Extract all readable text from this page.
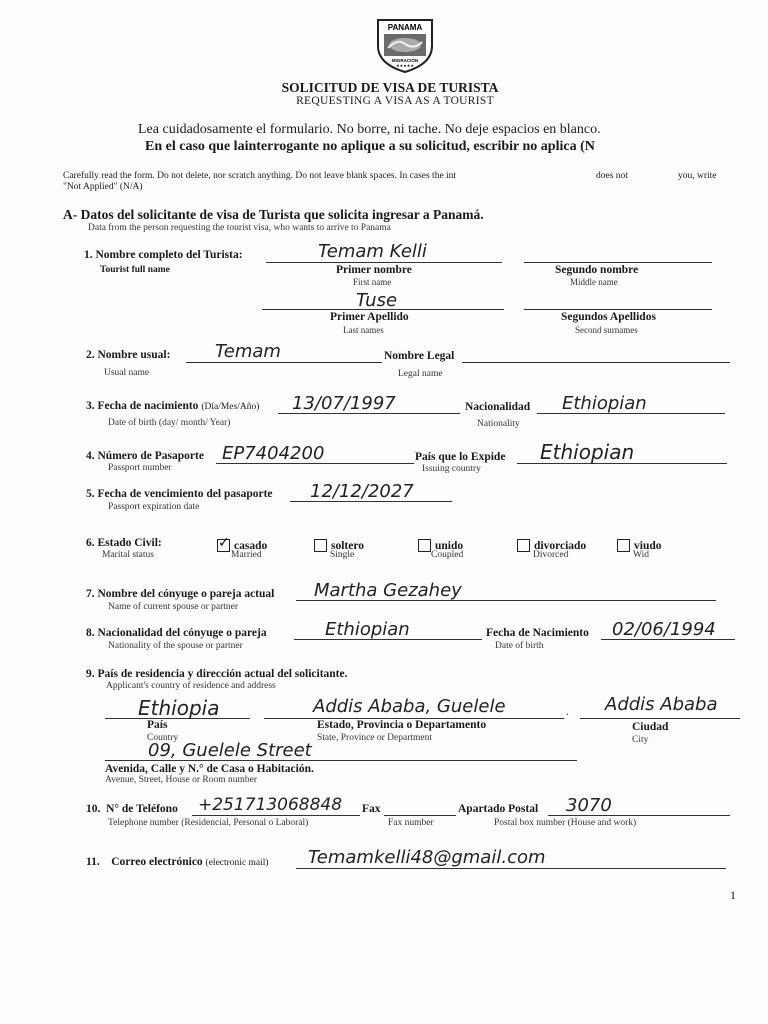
PANAMA
MIGRACIÓN
★★★★★
SOLICITUD DE VISA DE TURISTA
REQUESTING A VISA AS A TOURIST
Lea cuidadosamente el formulario. No borre, ni tache. No deje espacios en blanco.
En el caso que lainterrogante no aplique a su solicitud, escribir no aplica (N
Carefully read the form. Do not delete, nor scratch anything. Do not leave blank spaces. In cases the int	does not	you, write
"Not Applied" (N/A)
A- Datos del solicitante de visa de Turista que solicita ingresar a Panamá.
Data from the person requesting the tourist visa, who wants to arrive to Panama
1. Nombre completo del Turista:
Tourist full name
Temam Kelli
Primer nombre
First name
Segundo nombre
Middle name
Tuse
Primer Apellido
Last names
Segundos Apellidos
Second surnames
2. Nombre usual: Temam	Nombre Legal
Usual name	Legal name
3. Fecha de nacimiento (Día/Mes/Año) 13/07/1997	Nacionalidad Ethiopian
Date of birth (day/ month/ Year)	Nationality
4. Número de Pasaporte EP7404200	País que lo Expide Ethiopian
Passport number	Issuing country
5. Fecha de vencimiento del pasaporte 12/12/2027
Passport expiration date
6. Estado Civil:
Marital status
✓ casado
Married
soltero
Single
unido
Coupled
divorciado
Divorced
viudo
Wid
7. Nombre del cónyuge o pareja actual Martha Gezahey
Name of current spouse or partner
8. Nacionalidad del cónyuge o pareja	Ethiopian	Fecha de Nacimiento 02/06/1994
Nationality of the spouse or partner	Date of birth
9. País de residencia y dirección actual del solicitante.
Applicant's country of residence and address
Ethiopia	Addis Ababa, Guelele	. Addis Ababa
País
Country
Estado, Provincia o Departamento
State, Province or Department
Ciudad
City
09, Guelele Street
Avenida, Calle y N.° de Casa o Habitación.
Avenue, Street, House or Room number
10. N° de Teléfono +251713068848 Fax	Apartado Postal 3070
Telephone number (Residencial, Personal o Laboral)	Fax number	Postal box number (House and work)
11. Correo electrónico (electronic mail) Temamkelli48@gmail.com
1
